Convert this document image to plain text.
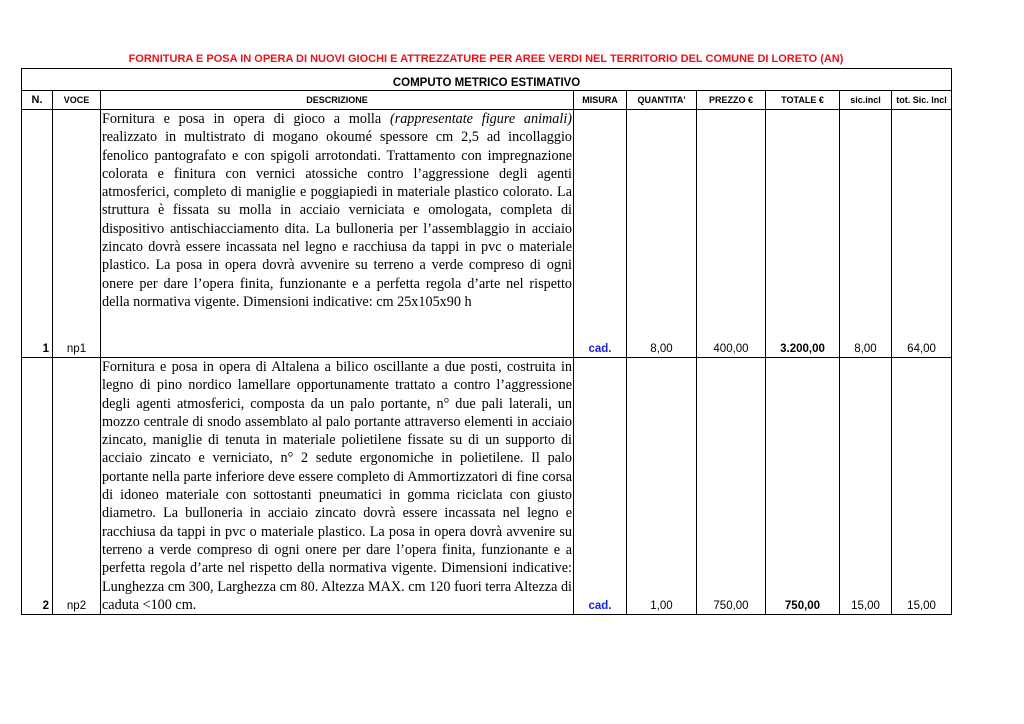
FORNITURA E POSA IN OPERA DI NUOVI GIOCHI E ATTREZZATURE PER AREE VERDI NEL TERRITORIO DEL COMUNE DI LORETO (AN)
COMPUTO METRICO ESTIMATIVO								
N.	VOCE	DESCRIZIONE	MISURA	QUANTITA'	PREZZO €	TOTALE €	sic.incl	tot. Sic. Incl
1	np1	Fornitura e posa in opera di gioco a molla (rappresentate figure animali) realizzato in multistrato di mogano okoumé spessore cm 2,5 ad incollaggio fenolico pantografato e con spigoli arrotondati. Trattamento con impregnazione colorata e finitura con vernici atossiche contro l’aggressione degli agenti atmosferici, completo di maniglie e poggiapiedi in materiale plastico colorato. La struttura è fissata su molla in acciaio verniciata e omologata, completa di dispositivo antischiacciamento dita. La bulloneria per l’assemblaggio in acciaio zincato dovrà essere incassata nel legno e racchiusa da tappi in pvc o materiale plastico. La posa in opera dovrà avvenire su terreno a verde compreso di ogni onere per dare l’opera finita, funzionante e a perfetta regola d’arte nel rispetto della normativa vigente. Dimensioni indicative: cm 25x105x90 h	cad.	8,00	400,00	3.200,00	8,00	64,00
2	np2	Fornitura e posa in opera di Altalena a bilico oscillante a due posti, costruita in legno di pino nordico lamellare opportunamente trattato a contro l’aggressione degli agenti atmosferici, composta da un palo portante, n° due pali laterali, un mozzo centrale di snodo assemblato al palo portante attraverso elementi in acciaio zincato, maniglie di tenuta in materiale polietilene fissate su di un supporto di acciaio zincato e verniciato, n° 2 sedute ergonomiche in polietilene. Il palo portante nella parte inferiore deve essere completo di Ammortizzatori di fine corsa di idoneo materiale con sottostanti pneumatici in gomma riciclata con giusto diametro. La bulloneria in acciaio zincato dovrà essere incassata nel legno e racchiusa da tappi in pvc o materiale plastico. La posa in opera dovrà avvenire su terreno a verde compreso di ogni onere per dare l’opera finita, funzionante e a perfetta regola d’arte nel rispetto della normativa vigente. Dimensioni indicative: Lunghezza cm 300, Larghezza cm 80. Altezza MAX. cm 120 fuori terra Altezza di caduta <100 cm.	cad.	1,00	750,00	750,00	15,00	15,00
